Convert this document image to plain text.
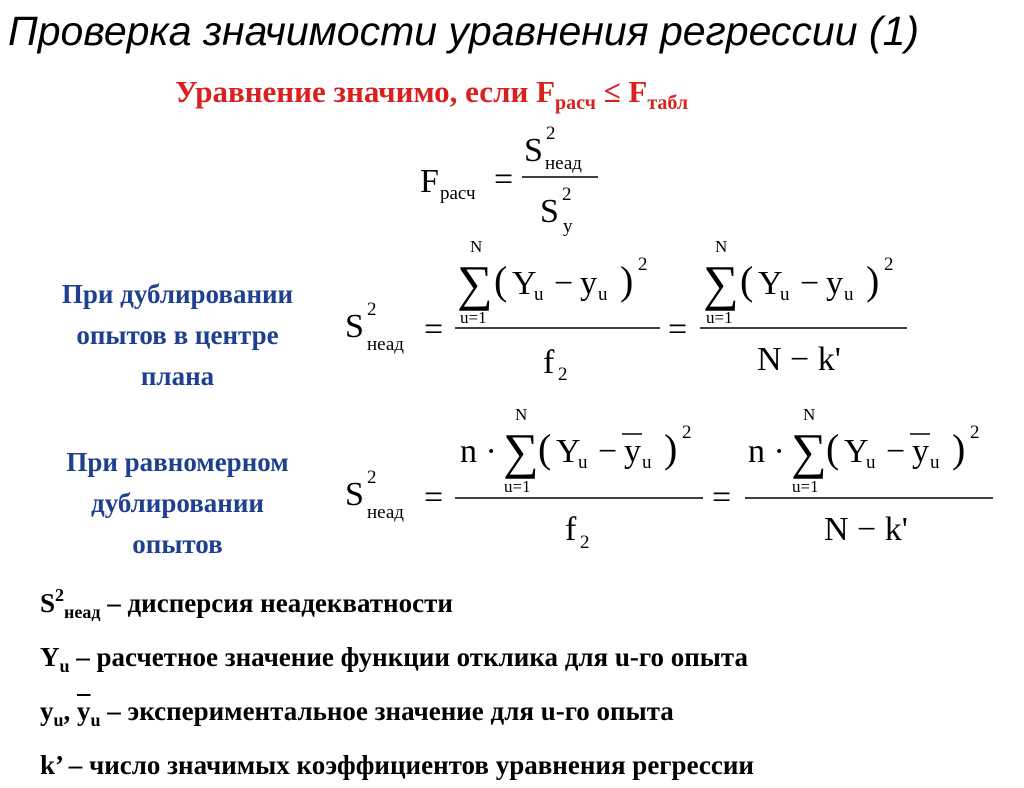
Проверка значимости уравнения регрессии (1)
Уравнение значимо, если $F_{расч} \le F_{табл}$
F расч =
S 2
неад
S 2
y
S 2
неад =
N
∑
u=1
( Y
u − y u ) 2
f 2
=
N
∑
u=1
( Y
u − y u ) 2
N − k'
S 2
неад =
n ·
N
∑
u=1
( Y
u − y u ) 2
f 2
=
n ·
N
∑
u=1
( Y
u − y u ) 2
N − k'
При дублировании
опытов в центре
плана
При равномерном
дублировании
опытов
$S^2_{неад}$ – дисперсия неадекватности
$Y_u$ – расчетное значение функции отклика для u-го опыта
$y_u$, $\overline{y}_u$ – экспериментальное значение для u-го опыта
k’ – число значимых коэффициентов уравнения регрессии
